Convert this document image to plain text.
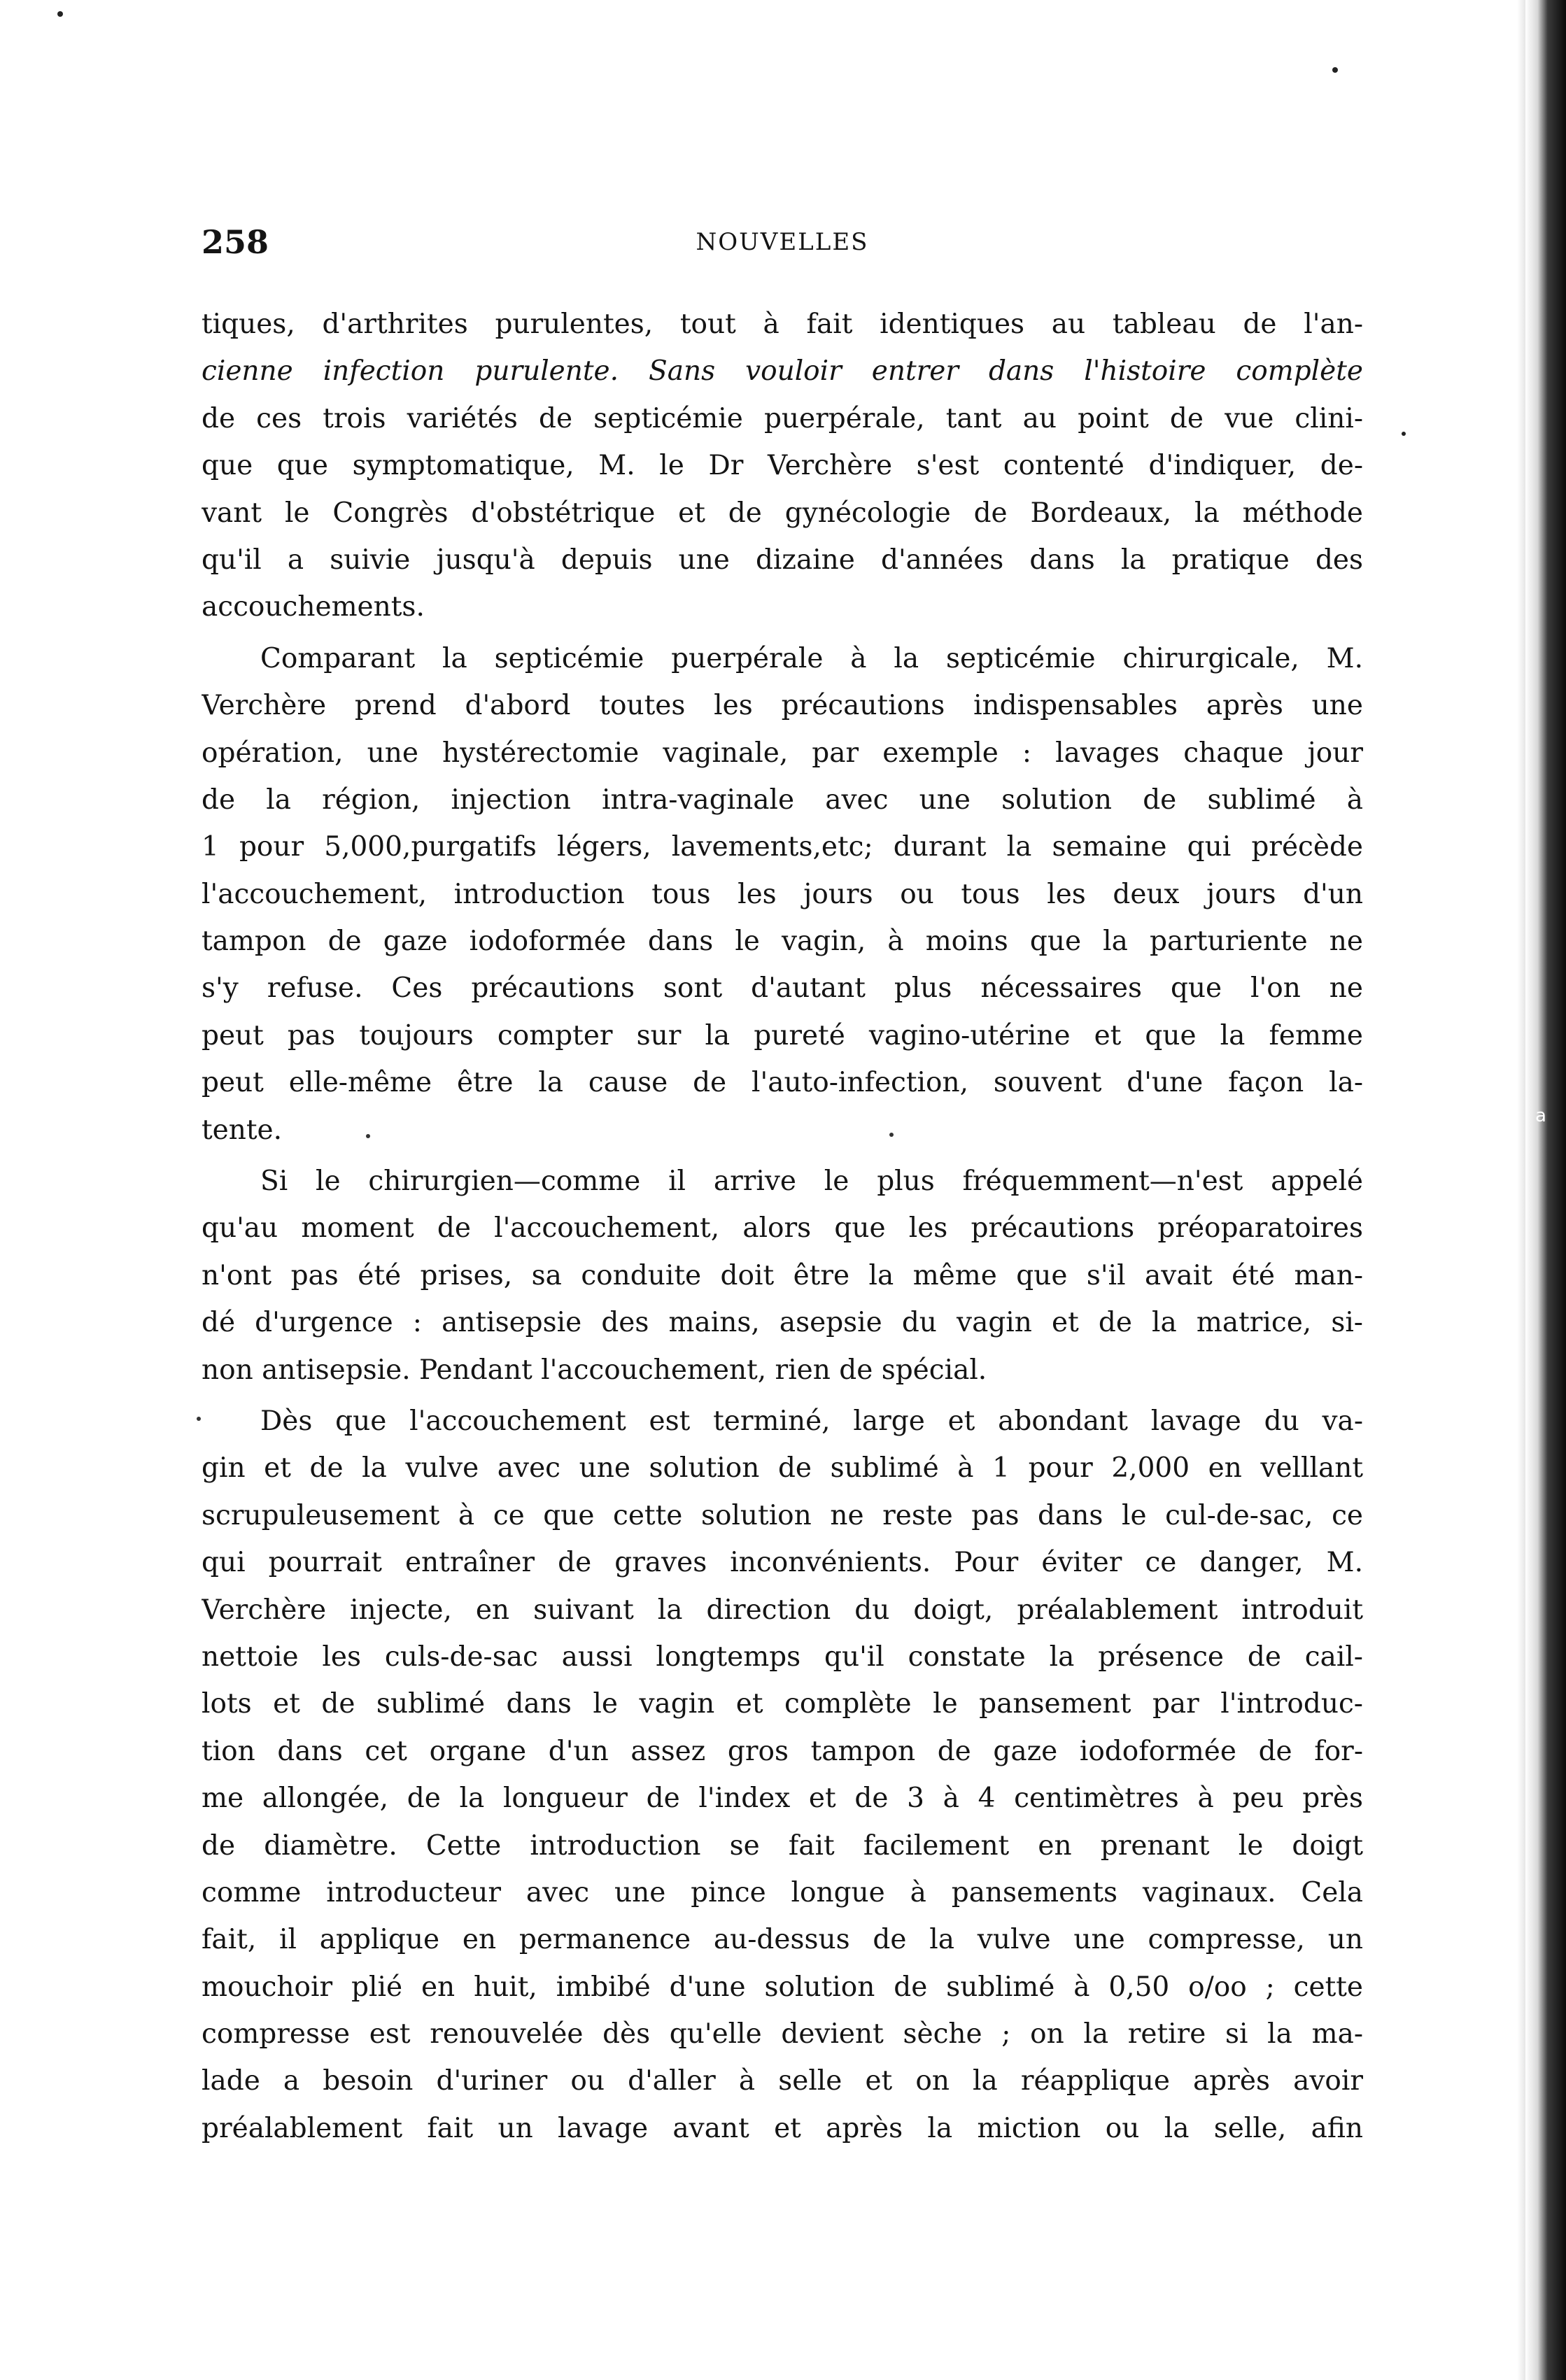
a
258	NOUVELLES
tiques, d'arthrites purulentes, tout à fait identiques au tableau de l'an-
cienne infection purulente. Sans vouloir entrer dans l'histoire complète
de ces trois variétés de septicémie puerpérale, tant au point de vue clini-
que que symptomatique, M. le Dr Verchère s'est contenté d'indiquer, de-
vant le Congrès d'obstétrique et de gynécologie de Bordeaux, la méthode
qu'il a suivie jusqu'à depuis une dizaine d'années dans la pratique des
accouchements.
Comparant la septicémie puerpérale à la septicémie chirurgicale, M.
Verchère prend d'abord toutes les précautions indispensables après une
opération, une hystérectomie vaginale, par exemple : lavages chaque jour
de la région, injection intra-vaginale avec une solution de sublimé à
1 pour 5,000,purgatifs légers, lavements,etc; durant la semaine qui précède
l'accouchement, introduction tous les jours ou tous les deux jours d'un
tampon de gaze iodoformée dans le vagin, à moins que la parturiente ne
s'y refuse. Ces précautions sont d'autant plus nécessaires que l'on ne
peut pas toujours compter sur la pureté vagino-utérine et que la femme
peut elle-même être la cause de l'auto-infection, souvent d'une façon la-
tente.
Si le chirurgien—comme il arrive le plus fréquemment—n'est appelé
qu'au moment de l'accouchement, alors que les précautions préoparatoires
n'ont pas été prises, sa conduite doit être la même que s'il avait été man-
dé d'urgence : antisepsie des mains, asepsie du vagin et de la matrice, si-
non antisepsie. Pendant l'accouchement, rien de spécial.
Dès que l'accouchement est terminé, large et abondant lavage du va-
gin et de la vulve avec une solution de sublimé à 1 pour 2,000 en velllant
scrupuleusement à ce que cette solution ne reste pas dans le cul-de-sac, ce
qui pourrait entraîner de graves inconvénients. Pour éviter ce danger, M.
Verchère injecte, en suivant la direction du doigt, préalablement introduit
nettoie les culs-de-sac aussi longtemps qu'il constate la présence de cail-
lots et de sublimé dans le vagin et complète le pansement par l'introduc-
tion dans cet organe d'un assez gros tampon de gaze iodoformée de for-
me allongée, de la longueur de l'index et de 3 à 4 centimètres à peu près
de diamètre. Cette introduction se fait facilement en prenant le doigt
comme introducteur avec une pince longue à pansements vaginaux. Cela
fait, il applique en permanence au-dessus de la vulve une compresse, un
mouchoir plié en huit, imbibé d'une solution de sublimé à 0,50 o/oo ; cette
compresse est renouvelée dès qu'elle devient sèche ; on la retire si la ma-
lade a besoin d'uriner ou d'aller à selle et on la réapplique après avoir
préalablement fait un lavage avant et après la miction ou la selle, afin
